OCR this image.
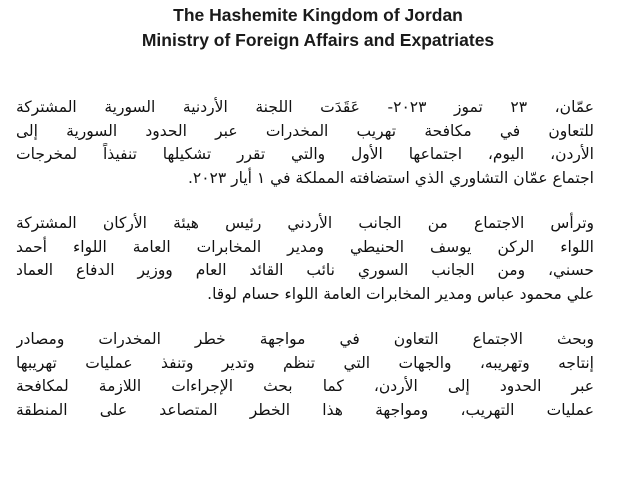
The Hashemite Kingdom of Jordan
Ministry of Foreign Affairs and Expatriates
عمّان، ٢٣ تموز ٢٠٢٣- عَقَدَت اللجنة الأردنية السورية المشتركة
للتعاون في مكافحة تهريب المخدرات عبر الحدود السورية إلى
الأردن، اليوم، اجتماعها الأول والتي تقرر تشكيلها تنفيذاً لمخرجات
اجتماع عمّان التشاوري الذي استضافته المملكة في ١ أيار ٢٠٢٣.
وترأس الاجتماع من الجانب الأردني رئيس هيئة الأركان المشتركة
اللواء الركن يوسف الحنيطي ومدير المخابرات العامة اللواء أحمد
حسني، ومن الجانب السوري نائب القائد العام ووزير الدفاع العماد
علي محمود عباس ومدير المخابرات العامة اللواء حسام لوقا.
وبحث الاجتماع التعاون في مواجهة خطر المخدرات ومصادر
إنتاجه وتهريبه، والجهات التي تنظم وتدير وتنفذ عمليات تهريبها
عبر الحدود إلى الأردن، كما بحث الإجراءات اللازمة لمكافحة
عمليات التهريب، ومواجهة هذا الخطر المتصاعد على المنطقة
